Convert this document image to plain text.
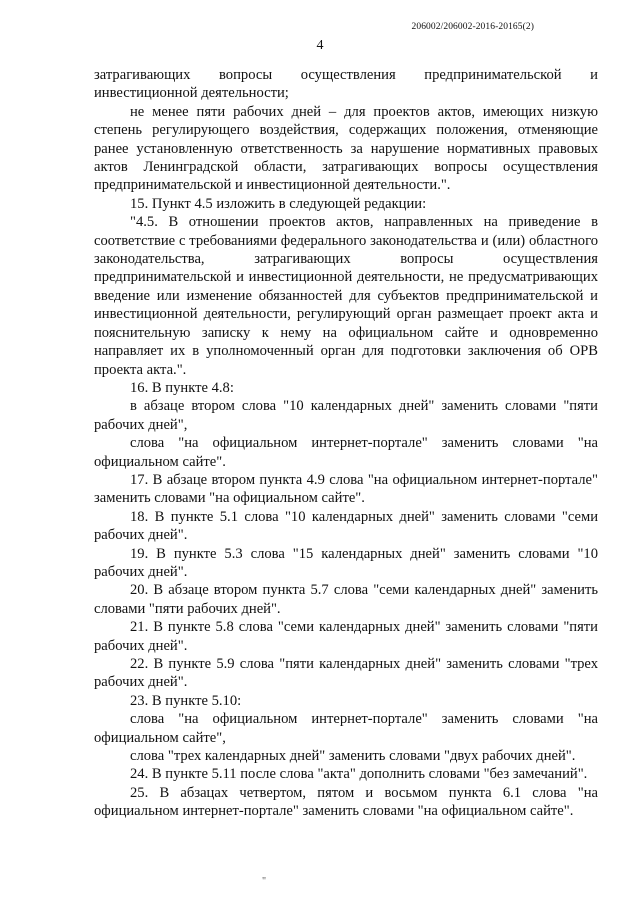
206002/206002-2016-20165(2)
4

затрагивающих вопросы осуществления предпринимательской и инвестиционной деятельности;

не менее пяти рабочих дней – для проектов актов, имеющих низкую степень регулирующего воздействия, содержащих положения, отменяющие ранее установленную ответственность за нарушение нормативных правовых актов Ленинградской области, затрагивающих вопросы осуществления предпринимательской и инвестиционной деятельности.".

15. Пункт 4.5 изложить в следующей редакции:

"4.5. В отношении проектов актов, направленных на приведение в соответствие с требованиями федерального законодательства и (или) областного законодательства, затрагивающих вопросы осуществления предпринимательской и инвестиционной деятельности, не предусматривающих введение или изменение обязанностей для субъектов предпринимательской и инвестиционной деятельности, регулирующий орган размещает проект акта и пояснительную записку к нему на официальном сайте и одновременно направляет их в уполномоченный орган для подготовки заключения об ОРВ проекта акта.".

16. В пункте 4.8:

в абзаце втором слова "10 календарных дней" заменить словами "пяти рабочих дней",

слова "на официальном интернет-портале" заменить словами "на официальном сайте".

17. В абзаце втором пункта 4.9 слова "на официальном интернет-портале" заменить словами "на официальном сайте".

18. В пункте 5.1 слова "10 календарных дней" заменить словами "семи рабочих дней".

19. В пункте 5.3 слова "15 календарных дней" заменить словами "10 рабочих дней".

20. В абзаце втором пункта 5.7 слова "семи календарных дней" заменить словами "пяти рабочих дней".

21. В пункте 5.8 слова "семи календарных дней" заменить словами "пяти рабочих дней".

22. В пункте 5.9 слова "пяти календарных дней" заменить словами "трех рабочих дней".

23. В пункте 5.10:

слова "на официальном интернет-портале" заменить словами "на официальном сайте",

слова "трех календарных дней" заменить словами "двух рабочих дней".

24. В пункте 5.11 после слова "акта" дополнить словами "без замечаний".

25. В абзацах четвертом, пятом и восьмом пункта 6.1 слова "на официальном интернет-портале" заменить словами "на официальном сайте".

"
